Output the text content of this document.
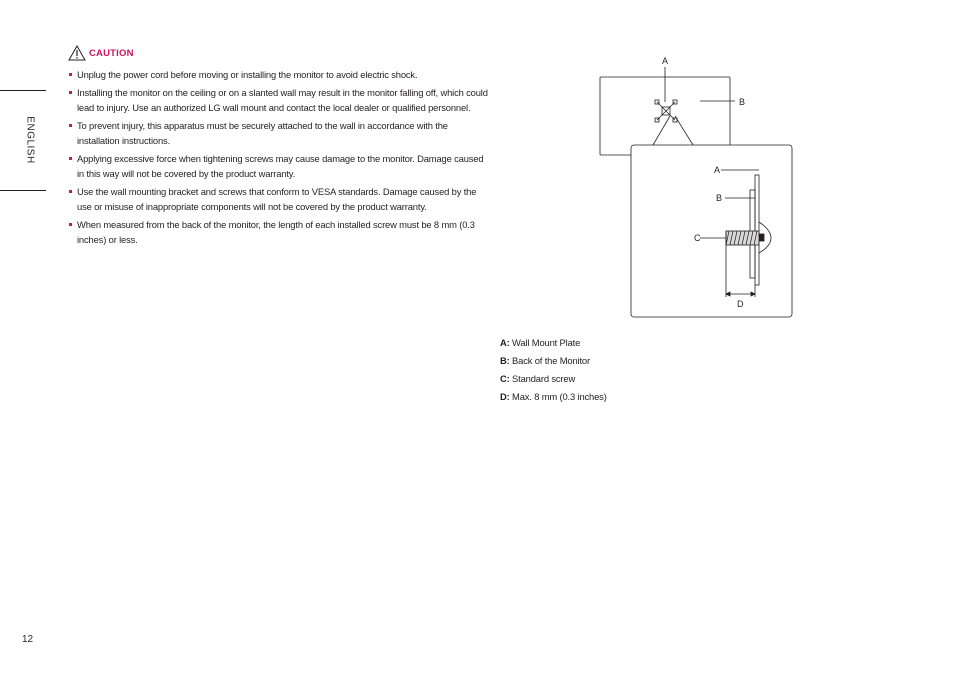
ENGLISH
CAUTION
Unplug the power cord before moving or installing the monitor to avoid electric shock.
Installing the monitor on the ceiling or on a slanted wall may result in the monitor falling off, which could lead to injury. Use an authorized LG wall mount and contact the local dealer or qualified personnel.
To prevent injury, this apparatus must be securely attached to the wall in accordance with the installation instructions.
Applying excessive force when tightening screws may cause damage to the monitor. Damage caused in this way will not be covered by the product warranty.
Use the wall mounting bracket and screws that conform to VESA standards. Damage caused by the use or misuse of inappropriate components will not be covered by the product warranty.
When measured from the back of the monitor, the length of each installed screw must be 8 mm (0.3 inches) or less.
A
B
A
B
C
D
A: Wall Mount Plate
B: Back of the Monitor
C: Standard screw
D: Max. 8 mm (0.3 inches)
12
